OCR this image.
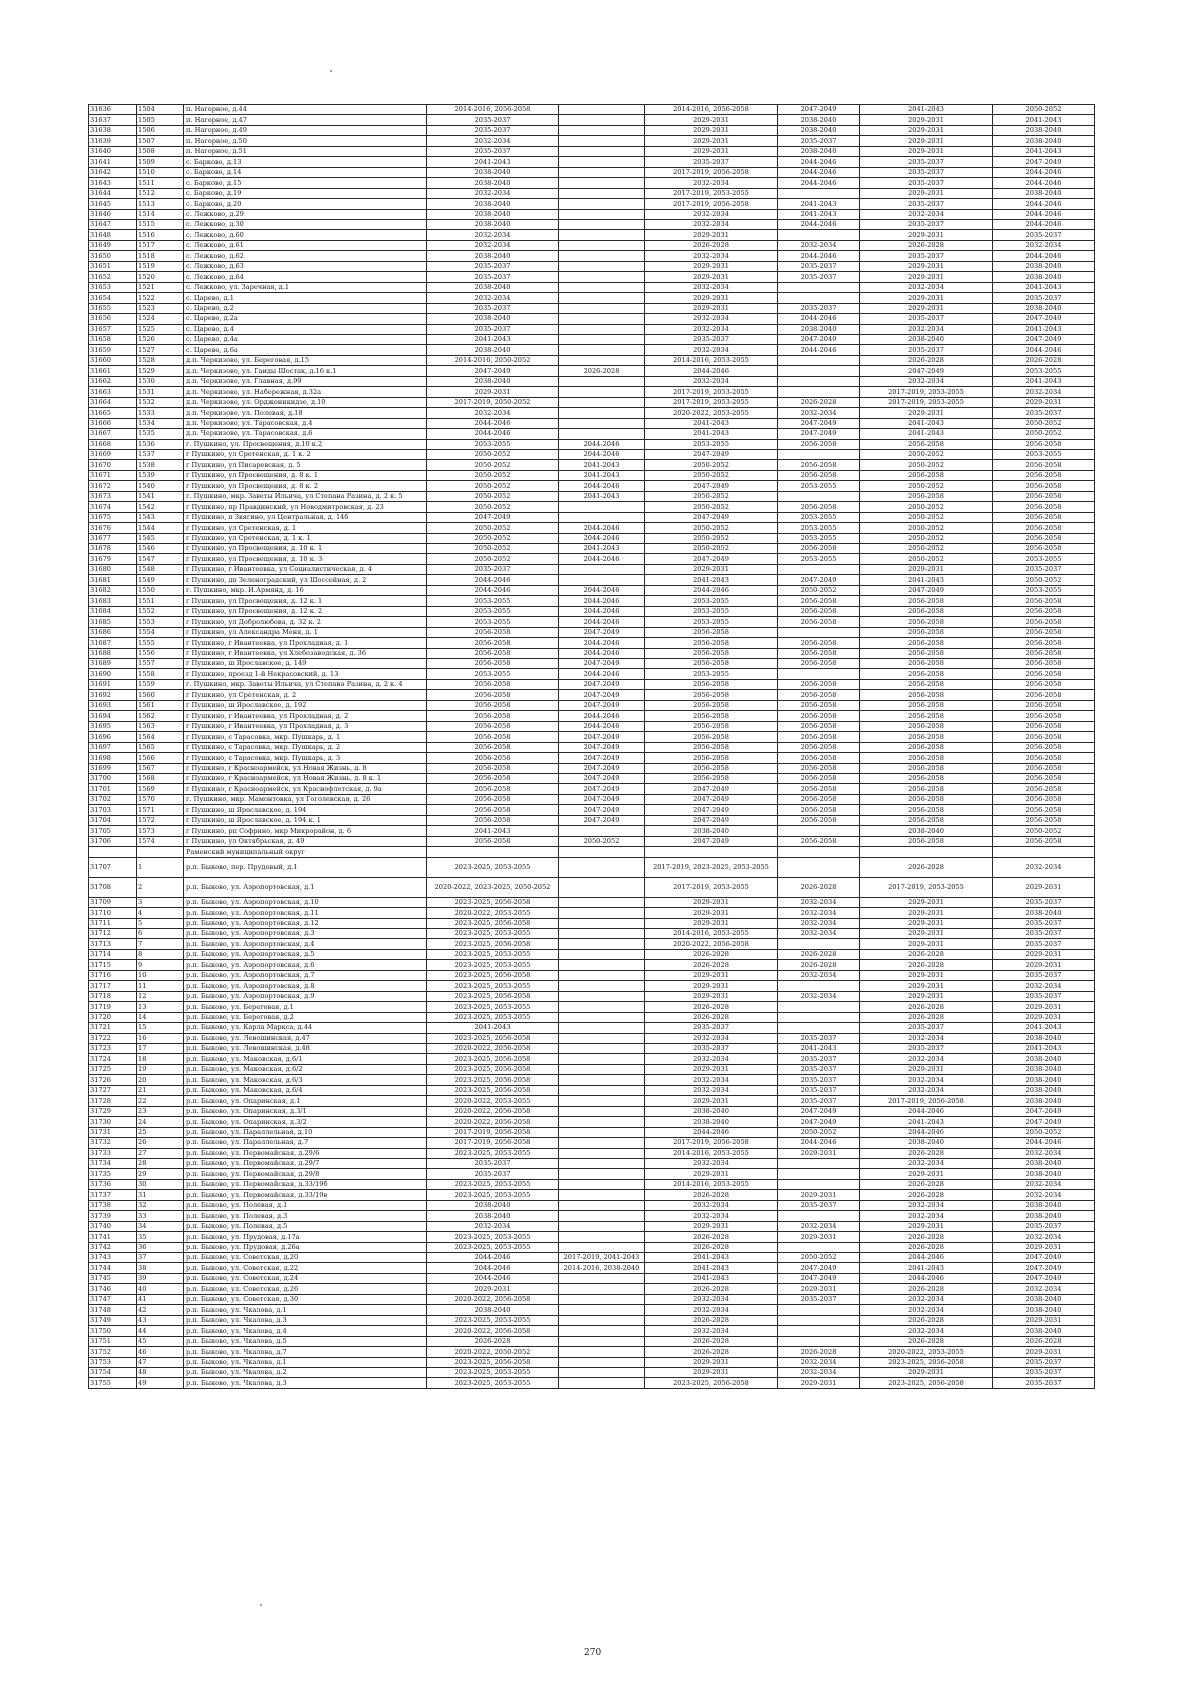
31636	1504	п. Нагорное, д.44	2014-2016, 2056-2058		2014-2016, 2056-2058	2047-2049	2041-2043	2050-2052
31637	1505	п. Нагорное, д.47	2035-2037		2029-2031	2038-2040	2029-2031	2041-2043
31638	1506	п. Нагорное, д.49	2035-2037		2029-2031	2038-2040	2029-2031	2038-2040
31639	1507	п. Нагорное, д.50	2032-2034		2029-2031	2035-2037	2029-2031	2038-2040
31640	1508	п. Нагорное, д.51	2035-2037		2029-2031	2038-2040	2029-2031	2041-2043
31641	1509	с. Барково, д.13	2041-2043		2035-2037	2044-2046	2035-2037	2047-2049
31642	1510	с. Барково, д.14	2038-2040		2017-2019, 2056-2058	2044-2046	2035-2037	2044-2046
31643	1511	с. Барково, д.15	2038-2040		2032-2034	2044-2046	2035-2037	2044-2046
31644	1512	с. Барково, д.19	2032-2034		2017-2019, 2053-2055		2029-2031	2038-2040
31645	1513	с. Барково, д.20	2038-2040		2017-2019, 2056-2058	2041-2043	2035-2037	2044-2046
31646	1514	с. Лежково, д.29	2038-2040		2032-2034	2041-2043	2032-2034	2044-2046
31647	1515	с. Лежково, д.30	2038-2040		2032-2034	2044-2046	2035-2037	2044-2046
31648	1516	с. Лежково, д.60	2032-2034		2029-2031		2029-2031	2035-2037
31649	1517	с. Лежково, д.61	2032-2034		2026-2028	2032-2034	2026-2028	2032-2034
31650	1518	с. Лежково, д.62	2038-2040		2032-2034	2044-2046	2035-2037	2044-2046
31651	1519	с. Лежково, д.63	2035-2037		2029-2031	2035-2037	2029-2031	2038-2040
31652	1520	с. Лежково, д.64	2035-2037		2029-2031	2035-2037	2029-2031	2038-2040
31653	1521	с. Лежково, ул. Заречная, д.1	2038-2040		2032-2034		2032-2034	2041-2043
31654	1522	с. Царево, д.1	2032-2034		2029-2031		2029-2031	2035-2037
31655	1523	с. Царево, д.2	2035-2037		2029-2031	2035-2037	2029-2031	2038-2040
31656	1524	с. Царево, д.2а	2038-2040		2032-2034	2044-2046	2035-2037	2047-2049
31657	1525	с. Царево, д.4	2035-2037		2032-2034	2038-2040	2032-2034	2041-2043
31658	1526	с. Царево, д.4а	2041-2043		2035-2037	2047-2049	2038-2040	2047-2049
31659	1527	с. Царево, д.6а	2038-2040		2032-2034	2044-2046	2035-2037	2044-2046
31660	1528	д.п. Черкизово, ул. Береговая, д.15	2014-2016, 2050-2052		2014-2016, 2053-2055		2026-2028	2026-2028
31661	1529	д.п. Черкизово, ул. Гаиды Шостак, д.16 к.1	2047-2049	2026-2028	2044-2046		2047-2049	2053-2055
31662	1530	д.п. Черкизово, ул. Главная, д.99	2038-2040		2032-2034		2032-2034	2041-2043
31663	1531	д.п. Черкизово, ул. Набережная, д.32а	2029-2031		2017-2019, 2053-2055		2017-2019, 2053-2055	2032-2034
31664	1532	д.п. Черкизово, ул. Орджоникидзе, д.10	2017-2019, 2050-2052		2017-2019, 2053-2055	2026-2028	2017-2019, 2053-2055	2029-2031
31665	1533	д.п. Черкизово, ул. Полевая, д.18	2032-2034		2020-2022, 2053-2055	2032-2034	2029-2031	2035-2037
31666	1534	д.п. Черкизово, ул. Тарасовская, д.4	2044-2046		2041-2043	2047-2049	2041-2043	2050-2052
31667	1535	д.п. Черкизово, ул. Тарасовская, д.6	2044-2046		2041-2043	2047-2049	2041-2043	2050-2052
31668	1536	г. Пушкино, ул. Просвещения, д.10 к.2	2053-2055	2044-2046	2053-2055	2056-2058	2056-2058	2056-2058
31669	1537	г Пушкино, ул Сретенская, д. 1 к. 2	2050-2052	2044-2046	2047-2049		2050-2052	2053-2055
31670	1538	г Пушкино, ул Писаревская, д. 5	2050-2052	2041-2043	2050-2052	2056-2058	2050-2052	2056-2058
31671	1539	г Пушкино, ул Просвещения, д. 8 к. 1	2050-2052	2041-2043	2050-2052	2056-2058	2056-2058	2056-2058
31672	1540	г Пушкино, ул Просвещения, д. 8 к. 2	2050-2052	2044-2046	2047-2049	2053-2055	2050-2052	2056-2058
31673	1541	г. Пушкино, мкр. Заветы Ильича, ул Степана Разина, д. 2 к. 5	2050-2052	2041-2043	2050-2052		2056-2058	2056-2058
31674	1542	г Пушкино, пр Прaвдинский, ул Новодмитровская, д. 23	2050-2052		2050-2052	2056-2058	2050-2052	2056-2058
31675	1543	г Пушкино, п Звягино, ул Центральная, д. 14б	2047-2049		2047-2049	2053-2055	2050-2052	2056-2058
31676	1544	г Пушкино, ул Сретенская, д. 1	2050-2052	2044-2046	2050-2052	2053-2055	2050-2052	2056-2058
31677	1545	г Пушкино, ул Сретенская, д. 1 к. 1	2050-2052	2044-2046	2050-2052	2053-2055	2050-2052	2056-2058
31678	1546	г Пушкино, ул Просвещения, д. 10 к. 1	2050-2052	2041-2043	2050-2052	2056-2058	2050-2052	2056-2058
31679	1547	г Пушкино, ул Просвещения, д. 10 к. 3	2050-2052	2044-2046	2047-2049	2053-2055	2050-2052	2053-2055
31680	1548	г Пушкино, г Ивантеевка, ул Социалистическая, д. 4	2035-2037		2029-2031		2029-2031	2035-2037
31681	1549	г Пушкино, дп Зеленоградский, ул Шоссейная, д. 2	2044-2046		2041-2043	2047-2049	2041-2043	2050-2052
31682	1550	г. Пушкино, мкр. И.Армянд, д. 16	2044-2046	2044-2046	2044-2046	2050-2052	2047-2049	2053-2055
31683	1551	г Пушкино, ул Просвещения, д. 12 к. 1	2053-2055	2044-2046	2053-2055	2056-2058	2056-2058	2056-2058
31684	1552	г Пушкино, ул Просвещения, д. 12 к. 2	2053-2055	2044-2046	2053-2055	2056-2058	2056-2058	2056-2058
31685	1553	г Пушкино, ул Добролюбова, д. 32 к. 2	2053-2055	2044-2046	2053-2055	2056-2058	2056-2058	2056-2058
31686	1554	г Пушкино, ул Александра Меня, д. 1	2056-2058	2047-2049	2056-2058		2056-2058	2056-2058
31687	1555	г Пушкино, г Ивантеевка, ул Прохладная, д. 1	2056-2058	2044-2046	2056-2058	2056-2058	2056-2058	2056-2058
31688	1556	г Пушкино, г Ивантеевка, ул Хлебозаводская, д. 36	2056-2058	2044-2046	2056-2058	2056-2058	2056-2058	2056-2058
31689	1557	г Пушкино, ш Ярославское, д. 149	2056-2058	2047-2049	2056-2058	2056-2058	2056-2058	2056-2058
31690	1558	г Пушкино, проезд 1-й Некрасовский, д. 13	2053-2055	2044-2046	2053-2055		2056-2058	2056-2058
31691	1559	г. Пушкино, мкр. Заветы Ильича, ул Степана Разина, д. 2 к. 4	2056-2058	2047-2049	2056-2058	2056-2058	2056-2058	2056-2058
31692	1560	г Пушкино, ул Сретенская, д. 2	2056-2058	2047-2049	2056-2058	2056-2058	2056-2058	2056-2058
31693	1561	г Пушкино, ш Ярославское, д. 192	2056-2058	2047-2049	2056-2058	2056-2058	2056-2058	2056-2058
31694	1562	г Пушкино, г Ивантеевка, ул Прохладная, д. 2	2056-2058	2044-2046	2056-2058	2056-2058	2056-2058	2056-2058
31695	1563	г Пушкино, г Ивантеевка, ул Прохладная, д. 3	2056-2058	2044-2046	2056-2058	2056-2058	2056-2058	2056-2058
31696	1564	г Пушкино, с Тарасовка, мкр. Пушкарь, д. 1	2056-2058	2047-2049	2056-2058	2056-2058	2056-2058	2056-2058
31697	1565	г Пушкино, с Тарасовка, мкр. Пушкарь, д. 2	2056-2058	2047-2049	2056-2058	2056-2058	2056-2058	2056-2058
31698	1566	г Пушкино, с Тарасовка, мкр. Пушкарь, д. 3	2056-2058	2047-2049	2056-2058	2056-2058	2056-2058	2056-2058
31699	1567	г Пушкино, г Красноармейск, ул Новая Жизнь, д. 8	2056-2058	2047-2049	2056-2058	2056-2058	2056-2058	2056-2058
31700	1568	г Пушкино, г Красноармейск, ул Новая Жизнь, д. 8 к. 1	2056-2058	2047-2049	2056-2058	2056-2058	2056-2058	2056-2058
31701	1569	г Пушкино, г Красноармейск, ул Краснофлотская, д. 9а	2056-2058	2047-2049	2047-2049	2056-2058	2056-2058	2056-2058
31702	1570	г. Пушкино, мкр. Мамонтовка, ул Гоголевская, д. 26	2056-2058	2047-2049	2047-2049	2056-2058	2056-2058	2056-2058
31703	1571	г Пушкино, ш Ярославское, д. 194	2056-2058	2047-2049	2047-2049	2056-2058	2056-2058	2056-2058
31704	1572	г Пушкино, ш Ярославское, д. 194 к. 1	2056-2058	2047-2049	2047-2049	2056-2058	2056-2058	2056-2058
31705	1573	г Пушкино, рп Софрино, мкр Микрорайон, д. 6	2041-2043		2038-2040		2038-2040	2050-2052
31706	1574	г Пушкино, ул Октябрьская, д. 49	2056-2058	2050-2052	2047-2049	2056-2058	2056-2058	2056-2058
		Раменский муниципальный округ						
31707	1	р.п. Быково, пер. Прудовый, д.1	2023-2025, 2053-2055		2017-2019, 2023-2025, 2053-2055		2026-2028	2032-2034
31708	2	р.п. Быково, ул. Аэропортовская, д.1	2020-2022, 2023-2025, 2050-2052		2017-2019, 2053-2055	2026-2028	2017-2019, 2053-2055	2029-2031
31709	3	р.п. Быково, ул. Аэропортовская, д.10	2023-2025, 2056-2058		2029-2031	2032-2034	2029-2031	2035-2037
31710	4	р.п. Быково, ул. Аэропортовская, д.11	2020-2022, 2053-2055		2029-2031	2032-2034	2029-2031	2038-2040
31711	5	р.п. Быково, ул. Аэропортовская, д.12	2023-2025, 2056-2058		2029-2031	2032-2034	2029-2031	2035-2037
31712	6	р.п. Быково, ул. Аэропортовская, д.3	2023-2025, 2053-2055		2014-2016, 2053-2055	2032-2034	2029-2031	2035-2037
31713	7	р.п. Быково, ул. Аэропортовская, д.4	2023-2025, 2056-2058		2020-2022, 2056-2058		2029-2031	2035-2037
31714	8	р.п. Быково, ул. Аэропортовская, д.5	2023-2025, 2053-2055		2026-2028	2026-2028	2026-2028	2029-2031
31715	9	р.п. Быково, ул. Аэропортовская, д.6	2023-2025, 2053-2055		2026-2028	2026-2028	2026-2028	2029-2031
31716	10	р.п. Быково, ул. Аэропортовская, д.7	2023-2025, 2056-2058		2029-2031	2032-2034	2029-2031	2035-2037
31717	11	р.п. Быково, ул. Аэропортовская, д.8	2023-2025, 2053-2055		2029-2031		2029-2031	2032-2034
31718	12	р.п. Быково, ул. Аэропортовская, д.9	2023-2025, 2056-2058		2029-2031	2032-2034	2029-2031	2035-2037
31719	13	р.п. Быково, ул. Береговая, д.1	2023-2025, 2053-2055		2026-2028		2026-2028	2029-2031
31720	14	р.п. Быково, ул. Береговая, д.2	2023-2025, 2053-2055		2026-2028		2026-2028	2029-2031
31721	15	р.п. Быково, ул. Карла Маркса, д.44	2041-2043		2035-2037		2035-2037	2041-2043
31722	16	р.п. Быково, ул. Левошинская, д.47	2023-2025, 2056-2058		2032-2034	2035-2037	2032-2034	2038-2040
31723	17	р.п. Быково, ул. Левошинская, д.48	2020-2022, 2056-2058		2035-2037	2041-2043	2035-2037	2041-2043
31724	18	р.п. Быково, ул. Маковская, д.6/1	2023-2025, 2056-2058		2032-2034	2035-2037	2032-2034	2038-2040
31725	19	р.п. Быково, ул. Маковская, д.6/2	2023-2025, 2056-2058		2029-2031	2035-2037	2029-2031	2038-2040
31726	20	р.п. Быково, ул. Маковская, д.6/3	2023-2025, 2056-2058		2032-2034	2035-2037	2032-2034	2038-2040
31727	21	р.п. Быково, ул. Маковская, д.6/4	2023-2025, 2056-2058		2032-2034	2035-2037	2032-2034	2038-2040
31728	22	р.п. Быково, ул. Опаринская, д.1	2020-2022, 2053-2055		2029-2031	2035-2037	2017-2019, 2056-2058	2038-2040
31729	23	р.п. Быково, ул. Опаринская, д.3/1	2020-2022, 2056-2058		2038-2040	2047-2049	2044-2046	2047-2049
31730	24	р.п. Быково, ул. Опаринская, д.3/2	2020-2022, 2056-2058		2038-2040	2047-2049	2041-2043	2047-2049
31731	25	р.п. Быково, ул. Параллельная, д.10	2017-2019, 2056-2058		2044-2046	2050-2052	2044-2046	2050-2052
31732	26	р.п. Быково, ул. Параллельная, д.7	2017-2019, 2056-2058		2017-2019, 2056-2058	2044-2046	2038-2040	2044-2046
31733	27	р.п. Быково, ул. Первомайская, д.29/6	2023-2025, 2053-2055		2014-2016, 2053-2055	2029-2031	2026-2028	2032-2034
31734	28	р.п. Быково, ул. Первомайская, д.29/7	2035-2037		2032-2034		2032-2034	2038-2040
31735	29	р.п. Быково, ул. Первомайская, д.29/8	2035-2037		2029-2031		2029-2031	2038-2040
31736	30	р.п. Быково, ул. Первомайская, д.33/19б	2023-2025, 2053-2055		2014-2016, 2053-2055		2026-2028	2032-2034
31737	31	р.п. Быково, ул. Первомайская, д.33/19в	2023-2025, 2053-2055		2026-2028	2029-2031	2026-2028	2032-2034
31738	32	р.п. Быково, ул. Полевая, д.1	2038-2040		2032-2034	2035-2037	2032-2034	2038-2040
31739	33	р.п. Быково, ул. Полевая, д.3	2038-2040		2032-2034		2032-2034	2038-2040
31740	34	р.п. Быково, ул. Полевая, д.5	2032-2034		2029-2031	2032-2034	2029-2031	2035-2037
31741	35	р.п. Быково, ул. Прудовая, д.17а	2023-2025, 2053-2055		2026-2028	2029-2031	2026-2028	2032-2034
31742	36	р.п. Быково, ул. Прудовая, д.26а	2023-2025, 2053-2055		2026-2028		2026-2028	2029-2031
31743	37	р.п. Быково, ул. Советская, д.20	2044-2046	2017-2019, 2041-2043	2041-2043	2050-2052	2044-2046	2047-2049
31744	38	р.п. Быково, ул. Советская, д.22	2044-2046	2014-2016, 2038-2040	2041-2043	2047-2049	2041-2043	2047-2049
31745	39	р.п. Быково, ул. Советская, д.24	2044-2046		2041-2043	2047-2049	2044-2046	2047-2049
31746	40	р.п. Быково, ул. Советская, д.26	2029-2031		2026-2028	2029-2031	2026-2028	2032-2034
31747	41	р.п. Быково, ул. Советская, д.30	2020-2022, 2056-2058		2032-2034	2035-2037	2032-2034	2038-2040
31748	42	р.п. Быково, ул. Чкалова, д.1	2038-2040		2032-2034		2032-2034	2038-2040
31749	43	р.п. Быково, ул. Чкалова, д.3	2023-2025, 2053-2055		2026-2028		2026-2028	2029-2031
31750	44	р.п. Быково, ул. Чкалова, д.4	2020-2022, 2056-2058		2032-2034		2032-2034	2038-2040
31751	45	р.п. Быково, ул. Чкалова, д.5	2026-2028		2026-2028		2026-2028	2026-2028
31752	46	р.п. Быково, ул. Чкалова, д.7	2020-2022, 2050-2052		2026-2028	2026-2028	2020-2022, 2053-2055	2029-2031
31753	47	р.п. Быково, ул. Чкалова, д.1	2023-2025, 2056-2058		2029-2031	2032-2034	2023-2025, 2056-2058	2035-2037
31754	48	р.п. Быково, ул. Чкалова, д.2	2023-2025, 2053-2055		2029-2031	2032-2034	2029-2031	2035-2037
31755	49	р.п. Быково, ул. Чкалова, д.3	2023-2025, 2053-2055		2023-2025, 2056-2058	2029-2031	2023-2025, 2056-2058	2035-2037
270
